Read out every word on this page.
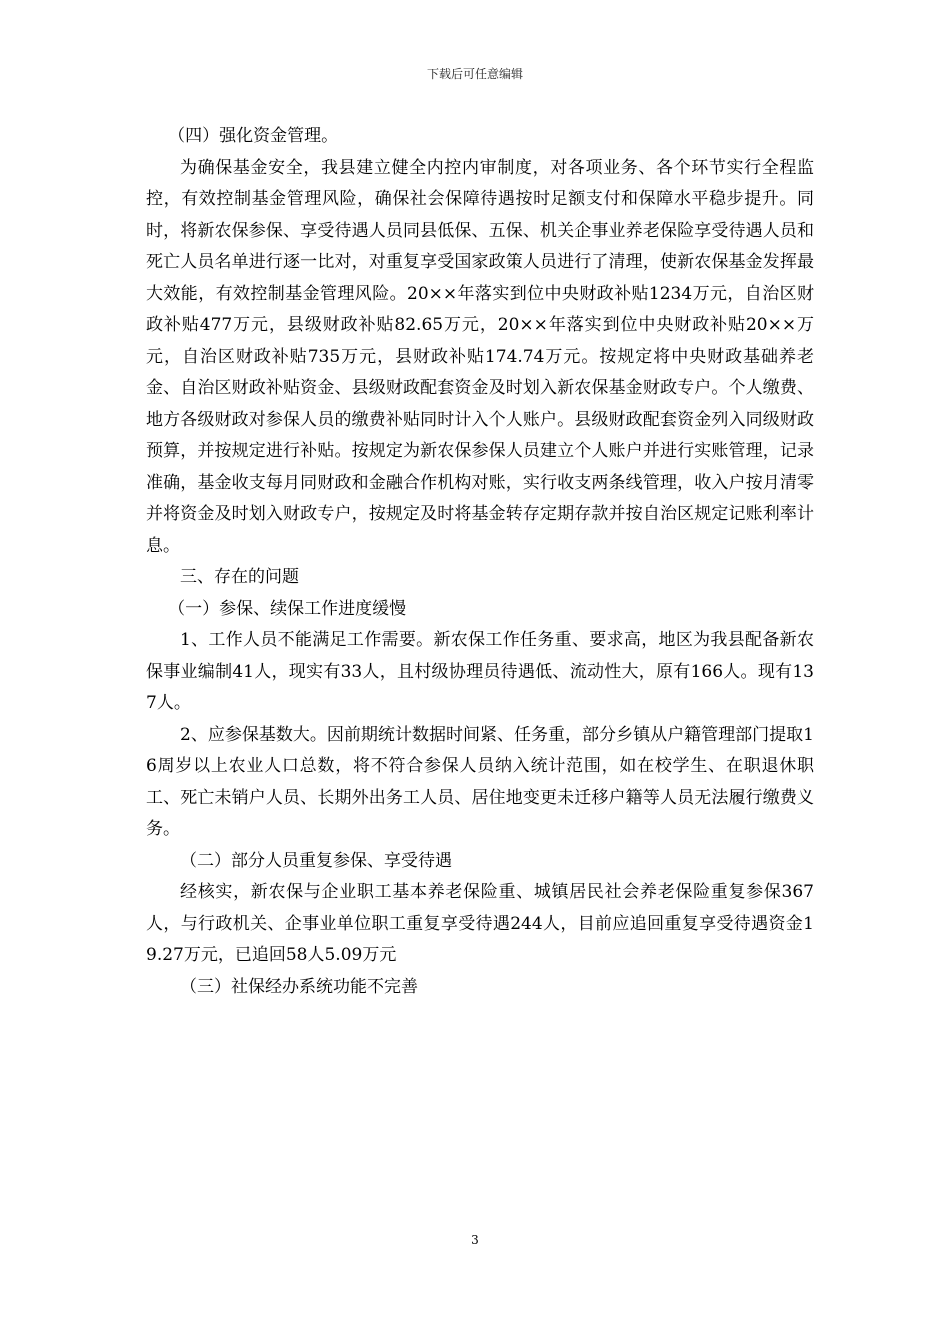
下载后可任意编辑

（四）强化资金管理。

为确保基金安全，我县建立健全内控内审制度，对各项业务、各个环节实行全程监控，有效控制基金管理风险，确保社会保障待遇按时足额支付和保障水平稳步提升。同时，将新农保参保、享受待遇人员同县低保、五保、机关企事业养老保险享受待遇人员和死亡人员名单进行逐一比对，对重复享受国家政策人员进行了清理，使新农保基金发挥最大效能，有效控制基金管理风险。20××年落实到位中央财政补贴1234万元，自治区财政补贴477万元，县级财政补贴82.65万元，20××年落实到位中央财政补贴20××万元，自治区财政补贴735万元，县财政补贴174.74万元。按规定将中央财政基础养老金、自治区财政补贴资金、县级财政配套资金及时划入新农保基金财政专户。个人缴费、地方各级财政对参保人员的缴费补贴同时计入个人账户。县级财政配套资金列入同级财政预算，并按规定进行补贴。按规定为新农保参保人员建立个人账户并进行实账管理，记录准确，基金收支每月同财政和金融合作机构对账，实行收支两条线管理，收入户按月清零并将资金及时划入财政专户，按规定及时将基金转存定期存款并按自治区规定记账利率计息。

三、存在的问题

（一）参保、续保工作进度缓慢

1、工作人员不能满足工作需要。新农保工作任务重、要求高，地区为我县配备新农保事业编制41人，现实有33人，且村级协理员待遇低、流动性大，原有166人。现有137人。

2、应参保基数大。因前期统计数据时间紧、任务重，部分乡镇从户籍管理部门提取16周岁以上农业人口总数，将不符合参保人员纳入统计范围，如在校学生、在职退休职工、死亡未销户人员、长期外出务工人员、居住地变更未迁移户籍等人员无法履行缴费义务。

（二）部分人员重复参保、享受待遇

经核实，新农保与企业职工基本养老保险重、城镇居民社会养老保险重复参保367人，与行政机关、企事业单位职工重复享受待遇244人，目前应追回重复享受待遇资金19.27万元，已追回58人5.09万元

（三）社保经办系统功能不完善

3
